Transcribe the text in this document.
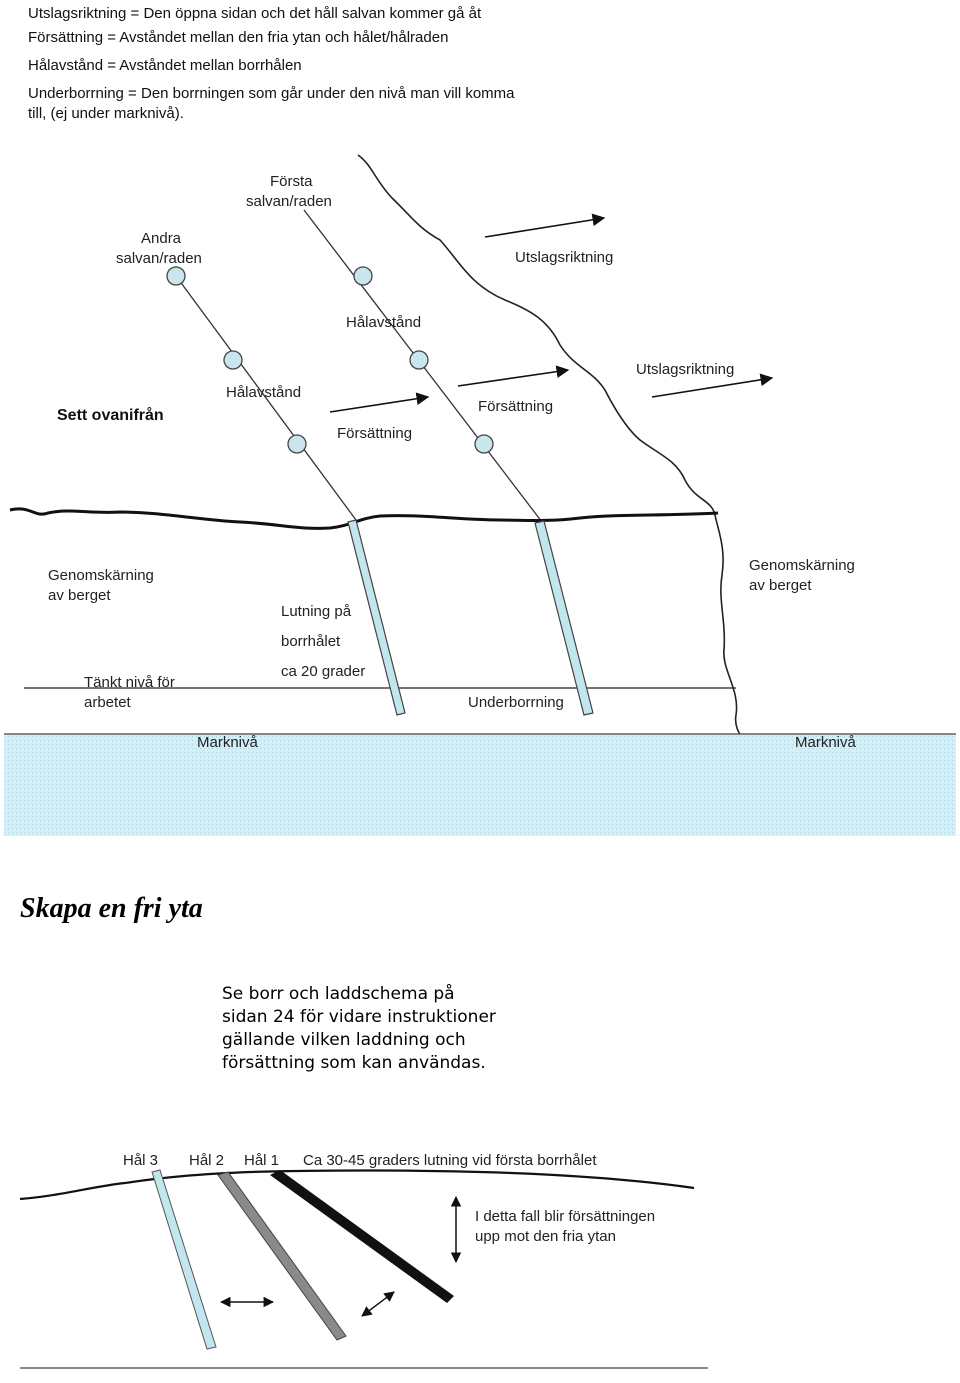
Utslagsriktning = Den öppna sidan och det håll salvan kommer gå åt
Försättning = Avståndet mellan den fria ytan och hålet/hålraden
Hålavstånd = Avståndet mellan borrhålen
Underborrning = Den borrningen som går under den nivå man vill komma
till, (ej under marknivå).
Första
salvan/raden
Andra
salvan/raden	Utslagsriktning
Utslagsriktning
Hålavstånd
Hålavstånd
Försättning
Försättning
Sett ovanifrån
Genomskärning
av berget
Genomskärning
av berget
Lutning på
borrhålet
ca 20 grader
Tänkt nivå för
arbetet	Underborrning
Marknivå	Marknivå
Skapa en fri yta
Se borr och laddschema på
sidan 24 för vidare instruktioner
gällande vilken laddning och
försättning som kan användas.
Hål 3 Hål 2 Hål 1 Ca 30-45 graders lutning vid första borrhålet
I detta fall blir försättningen
upp mot den fria ytan
